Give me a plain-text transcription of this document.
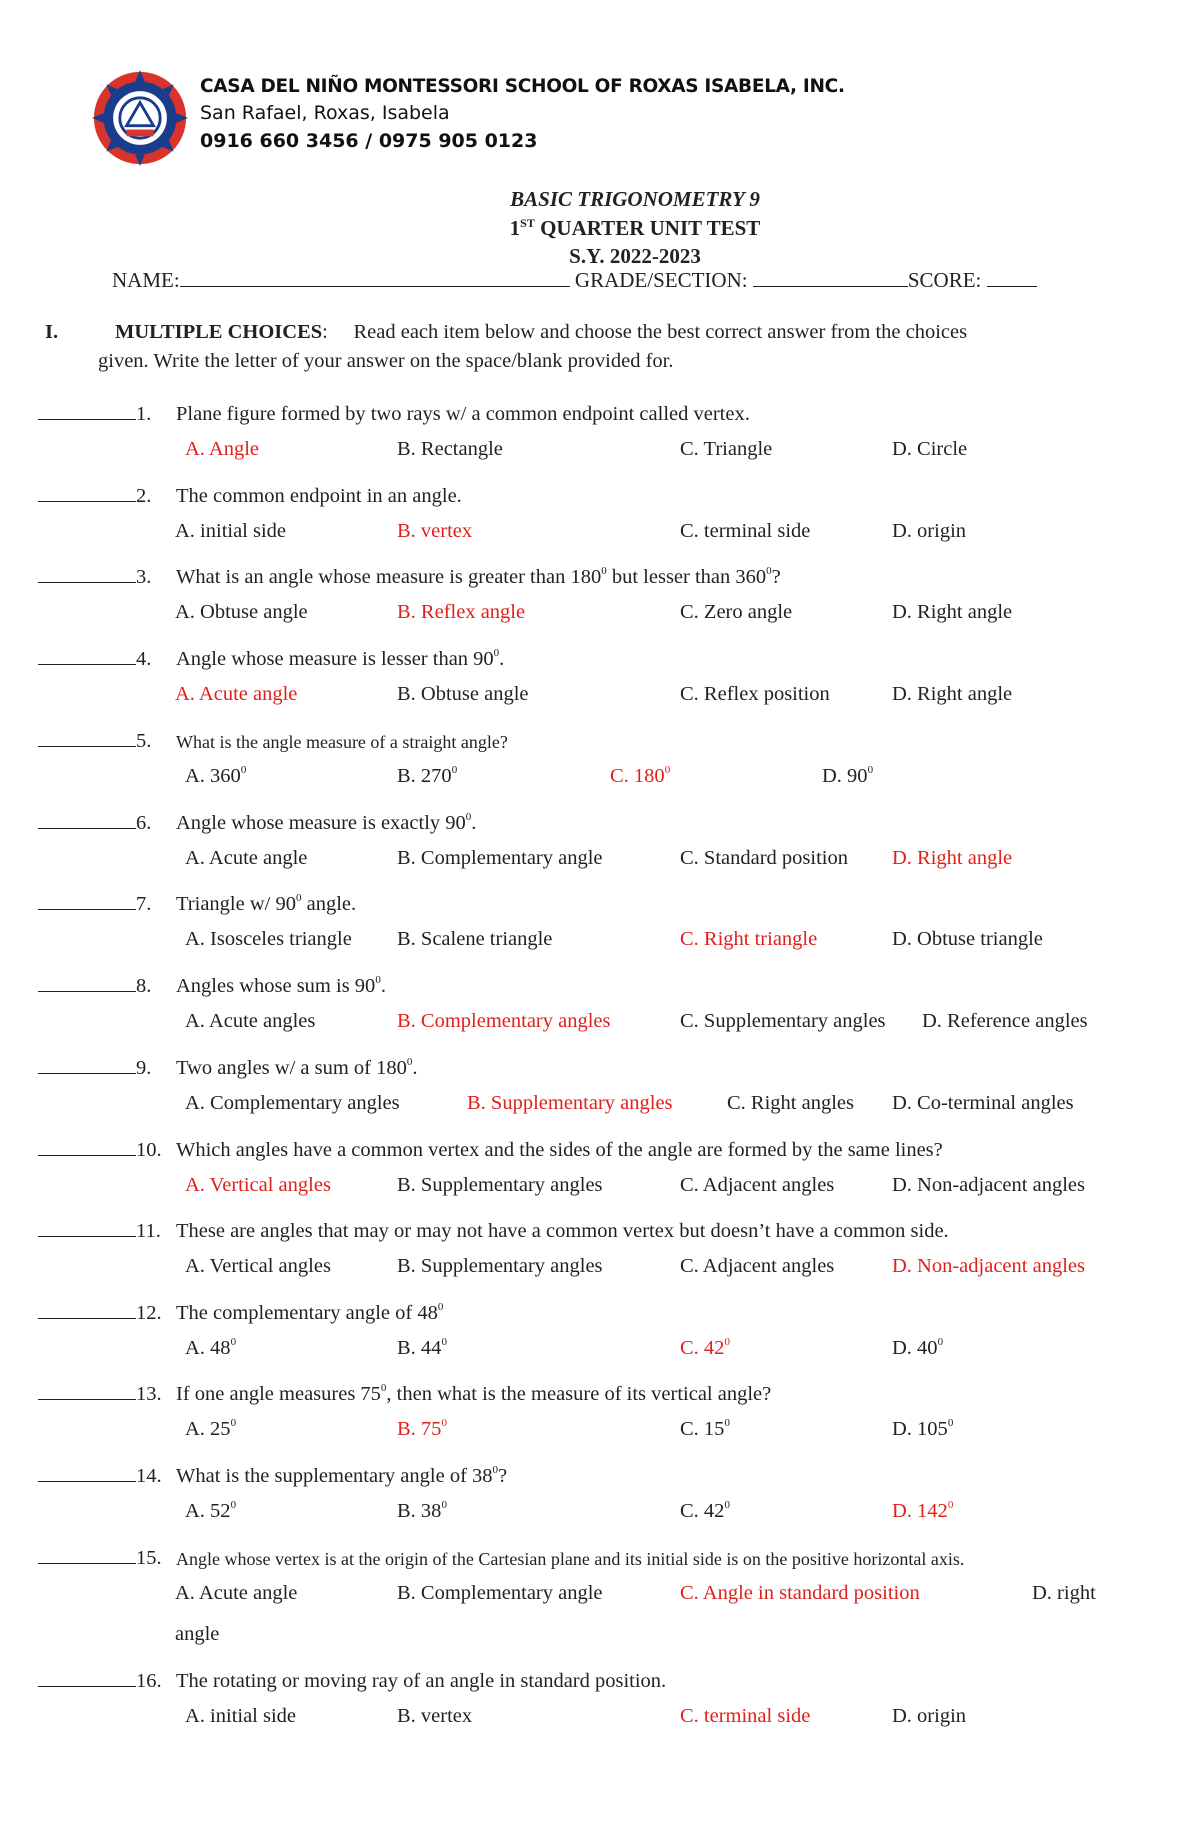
CASA DEL NIÑO MONTESSORI SCHOOL OF ROXAS ISABELA, INC.
San Rafael, Roxas, Isabela
0916 660 3456 / 0975 905 0123
BASIC TRIGONOMETRY 9
1ST QUARTER UNIT TEST
S.Y. 2022-2023
NAME:	GRADE/SECTION:	SCORE:
I.	MULTIPLE CHOICES: Read each item below and choose the best correct answer from the choices
given. Write the letter of your answer on the space/blank provided for.
1. Plane figure formed by two rays w/ a common endpoint called vertex.
A. Angle	B. Rectangle	C. Triangle	D. Circle
2. The common endpoint in an angle.
A. initial side	B. vertex	C. terminal side	D. origin
3. What is an angle whose measure is greater than $180^0$ but lesser than $360^0$?
A. Obtuse angle	B. Reflex angle	C. Zero angle	D. Right angle
4. Angle whose measure is lesser than $90^0$.
A. Acute angle	B. Obtuse angle	C. Reflex position	D. Right angle
5. What is the angle measure of a straight angle?
A. $360^0$	B. $270^0$	C. $180^0$	D. $90^0$
6. Angle whose measure is exactly $90^0$.
A. Acute angle	B. Complementary angle	C. Standard position D. Right angle
7. Triangle w/ $90^0$ angle.
A. Isosceles triangle B. Scalene triangle	C. Right triangle	D. Obtuse triangle
8. Angles whose sum is $90^0$.
A. Acute angles	B. Complementary angles	C. Supplementary angles D. Reference angles
9. Two angles w/ a sum of $180^0$.
A. Complementary angles	B. Supplementary angles	C. Right angles D. Co-terminal angles
10. Which angles have a common vertex and the sides of the angle are formed by the same lines?
A. Vertical angles	B. Supplementary angles	C. Adjacent angles	D. Non-adjacent angles
11. These are angles that may or may not have a common vertex but doesn’t have a common side.
A. Vertical angles	B. Supplementary angles	C. Adjacent angles	D. Non-adjacent angles
12. The complementary angle of $48^0$
A. $48^0$	B. $44^0$	C. $42^0$	D. $40^0$
13. If one angle measures $75^0$, then what is the measure of its vertical angle?
A. $25^0$	B. $75^0$	C. $15^0$	D. $105^0$
14. What is the supplementary angle of $38^0$?
A. $52^0$	B. $38^0$	C. $42^0$	D. $142^0$
15. Angle whose vertex is at the origin of the Cartesian plane and its initial side is on the positive horizontal axis.
A. Acute angle	B. Complementary angle	C. Angle in standard position	D. right
angle
16. The rotating or moving ray of an angle in standard position.
A. initial side	B. vertex	C. terminal side	D. origin
